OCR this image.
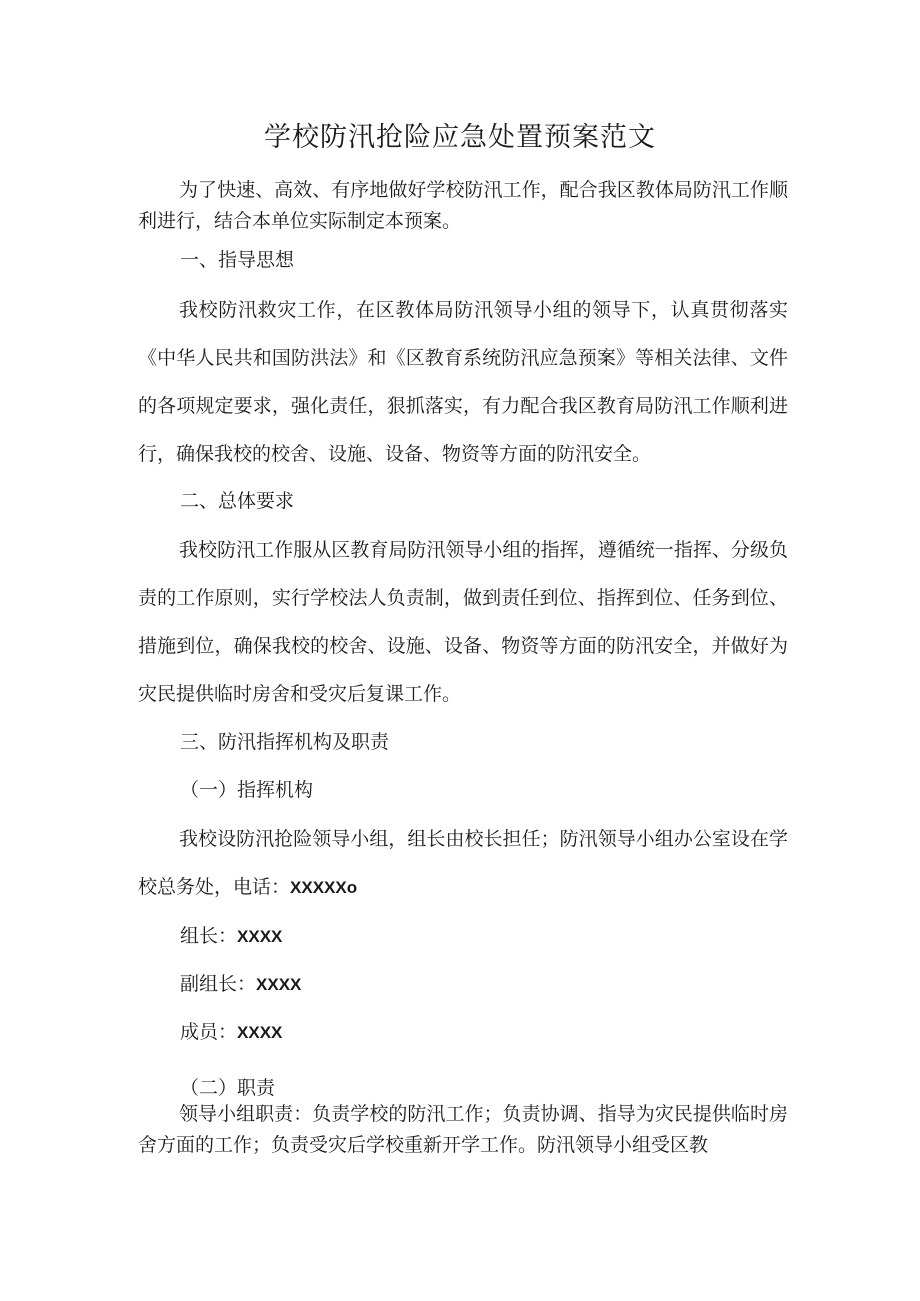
学校防汛抢险应急处置预案范文

为了快速、高效、有序地做好学校防汛工作，配合我区教体局防汛工作顺利进行，结合本单位实际制定本预案。

一、指导思想

我校防汛救灾工作，在区教体局防汛领导小组的领导下，认真贯彻落实《中华人民共和国防洪法》和《区教育系统防汛应急预案》等相关法律、文件的各项规定要求，强化责任，狠抓落实，有力配合我区教育局防汛工作顺利进行，确保我校的校舍、设施、设备、物资等方面的防汛安全。

二、总体要求

我校防汛工作服从区教育局防汛领导小组的指挥，遵循统一指挥、分级负责的工作原则，实行学校法人负责制，做到责任到位、指挥到位、任务到位、措施到位，确保我校的校舍、设施、设备、物资等方面的防汛安全，并做好为灾民提供临时房舍和受灾后复课工作。

三、防汛指挥机构及职责
（一）指挥机构

我校设防汛抢险领导小组，组长由校长担任；防汛领导小组办公室设在学校总务处，电话：XXXXXo

组长：XXXX
副组长：XXXX
成员：XXXX
（二）职责

领导小组职责：负责学校的防汛工作；负责协调、指导为灾民提供临时房舍方面的工作；负责受灾后学校重新开学工作。防汛领导小组受区教
